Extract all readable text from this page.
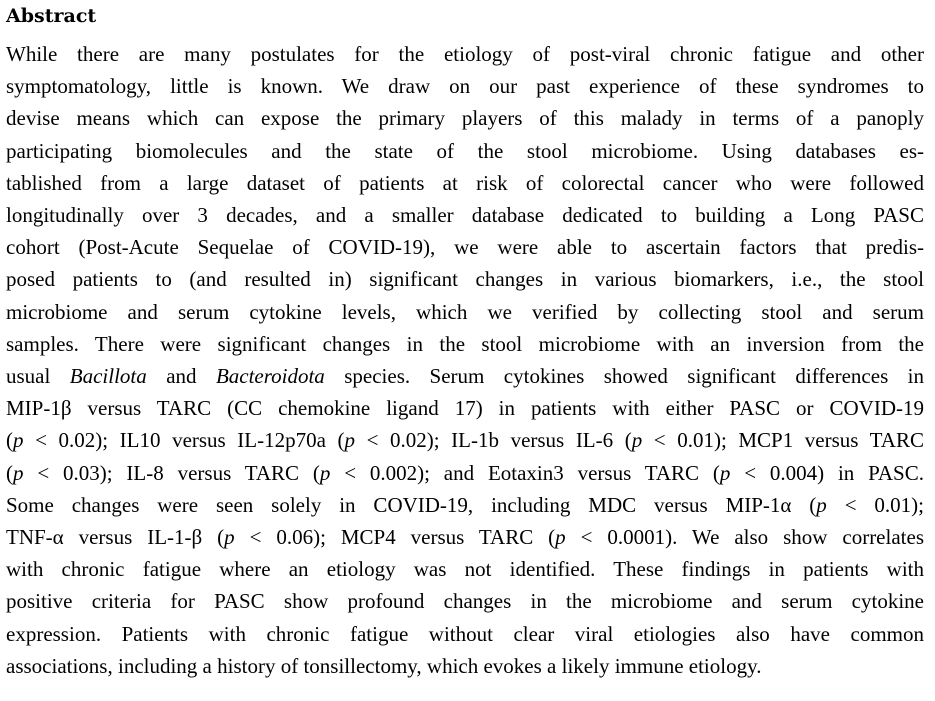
Abstract
While there are many postulates for the etiology of post-viral chronic fatigue and other
symptomatology, little is known. We draw on our past experience of these syndromes to
devise means which can expose the primary players of this malady in terms of a panoply
participating biomolecules and the state of the stool microbiome. Using databases es-
tablished from a large dataset of patients at risk of colorectal cancer who were followed
longitudinally over 3 decades, and a smaller database dedicated to building a Long PASC
cohort (Post-Acute Sequelae of COVID-19), we were able to ascertain factors that predis-
posed patients to (and resulted in) significant changes in various biomarkers, i.e., the stool
microbiome and serum cytokine levels, which we verified by collecting stool and serum
samples. There were significant changes in the stool microbiome with an inversion from the
usual Bacillota and Bacteroidota species. Serum cytokines showed significant differences in
MIP-1β versus TARC (CC chemokine ligand 17) in patients with either PASC or COVID-19
(p < 0.02); IL10 versus IL-12p70a (p < 0.02); IL-1b versus IL-6 (p < 0.01); MCP1 versus TARC
(p < 0.03); IL-8 versus TARC (p < 0.002); and Eotaxin3 versus TARC (p < 0.004) in PASC.
Some changes were seen solely in COVID-19, including MDC versus MIP-1α (p < 0.01);
TNF-α versus IL-1-β (p < 0.06); MCP4 versus TARC (p < 0.0001). We also show correlates
with chronic fatigue where an etiology was not identified. These findings in patients with
positive criteria for PASC show profound changes in the microbiome and serum cytokine
expression. Patients with chronic fatigue without clear viral etiologies also have common
associations, including a history of tonsillectomy, which evokes a likely immune etiology.
